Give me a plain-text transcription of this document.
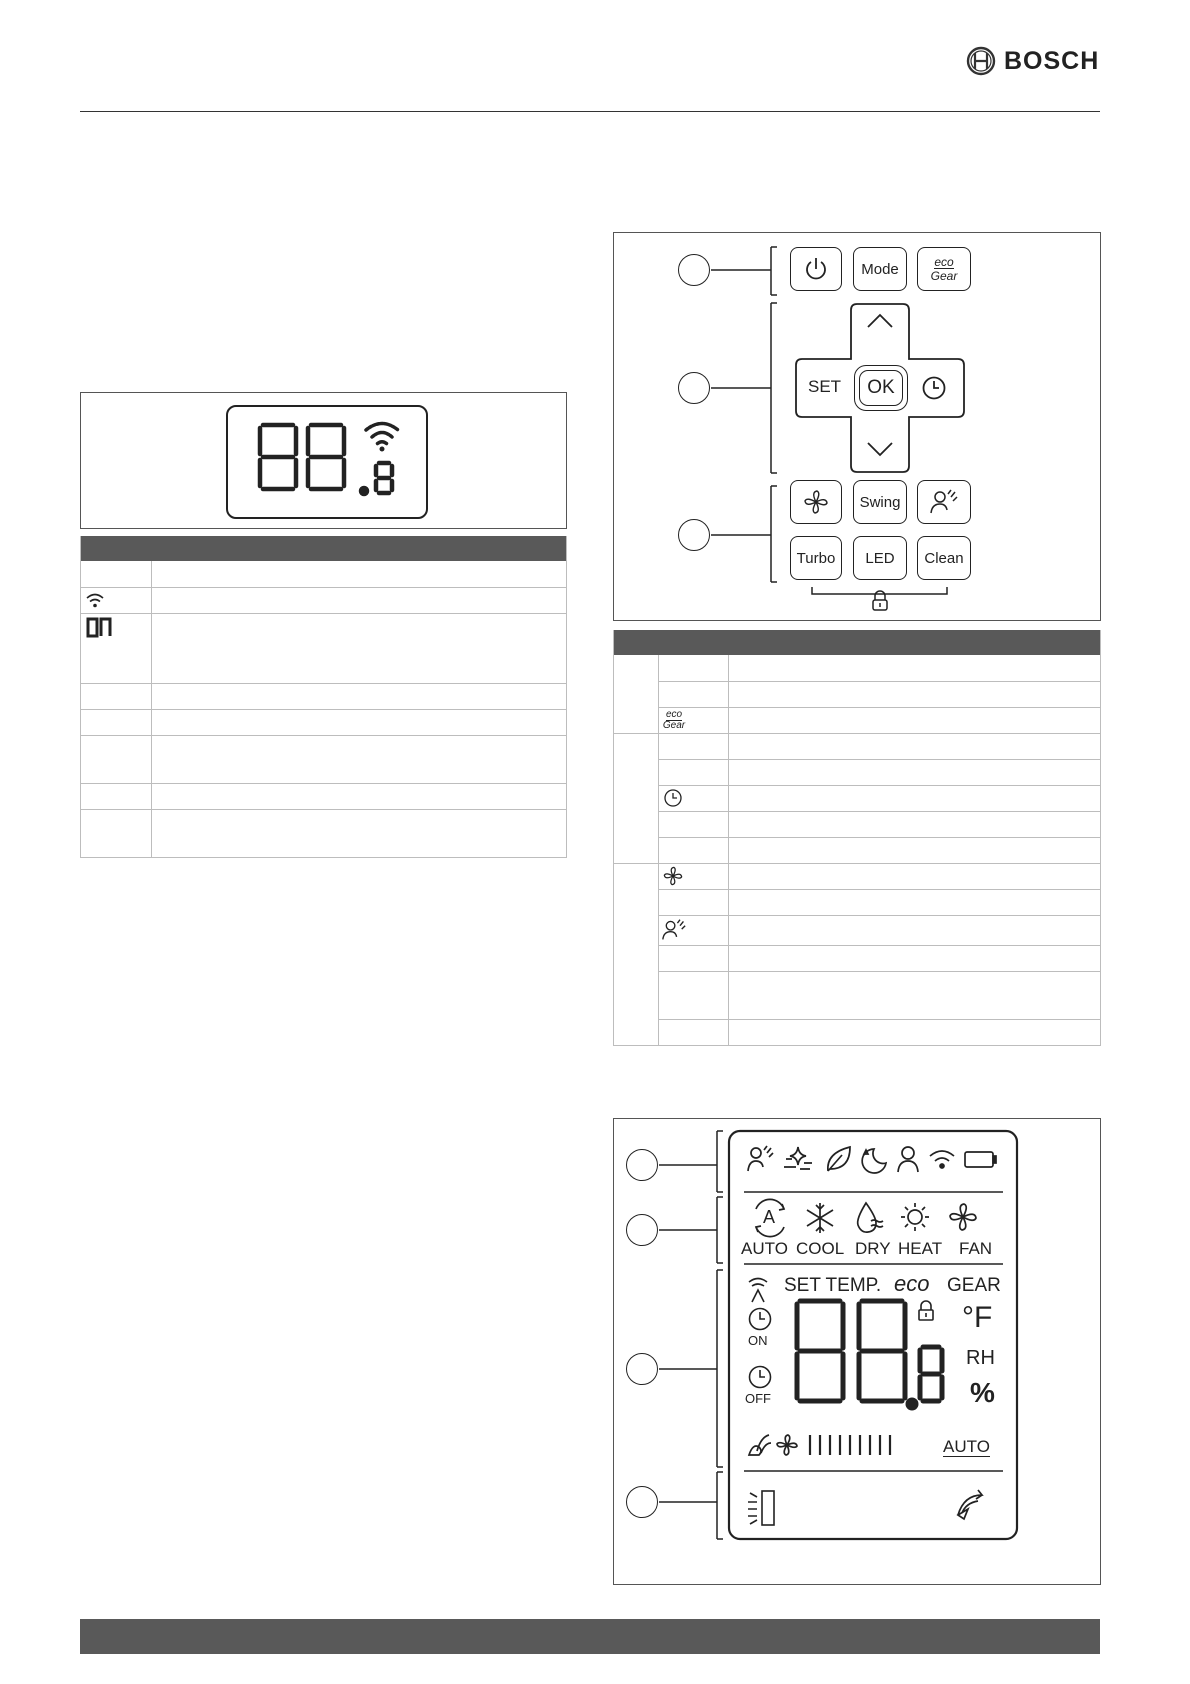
BOSCH

Mode	eco
Gear
SET OK
Swing
Turbo LED Clean

	eco
Gear	

AUTO COOL DRY HEAT FAN
A
SET TEMP. eco GEAR
ON
OFF
°F
RH
%
AUTO
